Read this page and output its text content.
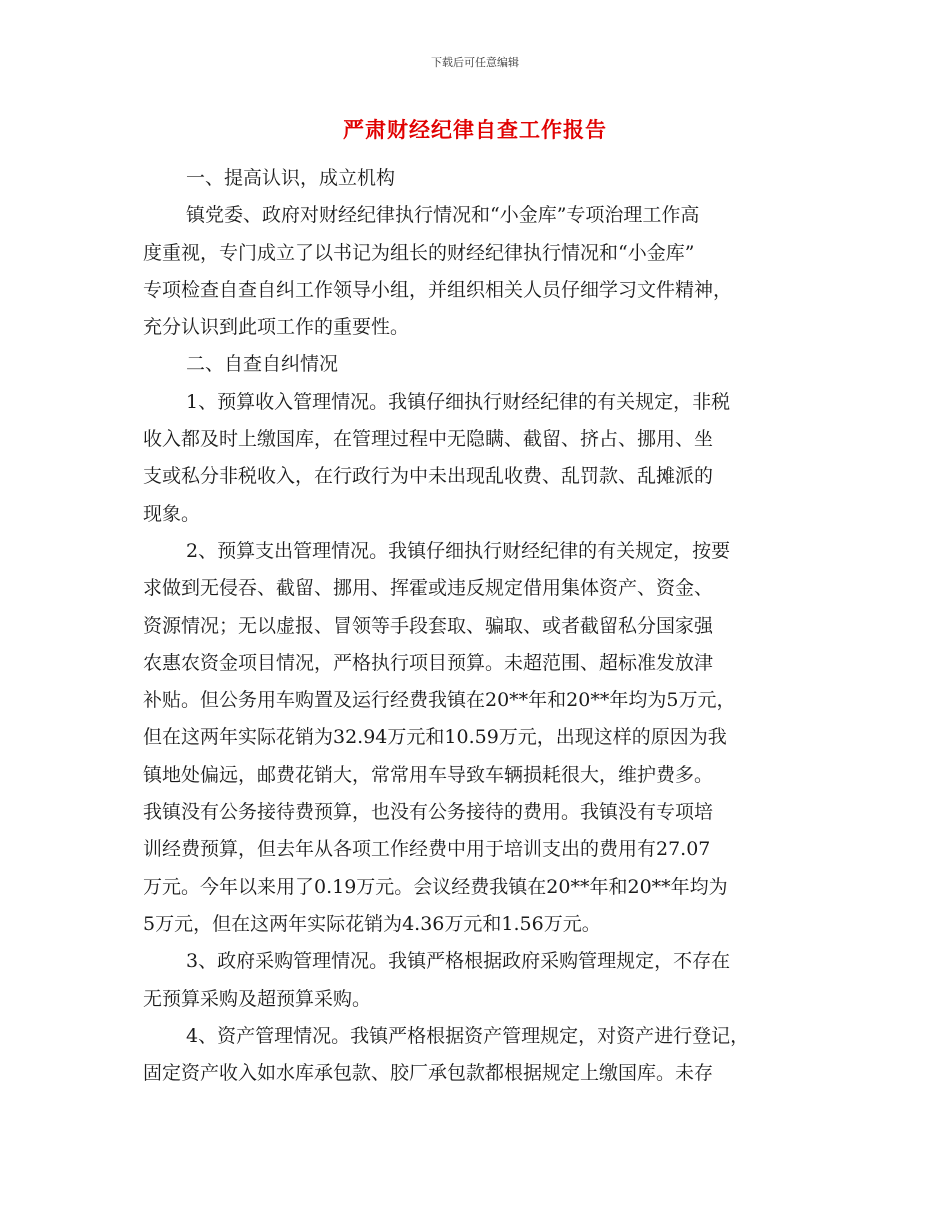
下载后可任意编辑
严肃财经纪律自查工作报告
一、提高认识，成立机构
镇党委、政府对财经纪律执行情况和“小金库”专项治理工作高
度重视，专门成立了以书记为组长的财经纪律执行情况和“小金库”
专项检查自查自纠工作领导小组，并组织相关人员仔细学习文件精神，
充分认识到此项工作的重要性。
二、自查自纠情况
1、预算收入管理情况。我镇仔细执行财经纪律的有关规定，非税
收入都及时上缴国库，在管理过程中无隐瞒、截留、挤占、挪用、坐
支或私分非税收入，在行政行为中未出现乱收费、乱罚款、乱摊派的
现象。
2、预算支出管理情况。我镇仔细执行财经纪律的有关规定，按要
求做到无侵吞、截留、挪用、挥霍或违反规定借用集体资产、资金、
资源情况；无以虚报、冒领等手段套取、骗取、或者截留私分国家强
农惠农资金项目情况，严格执行项目预算。未超范围、超标准发放津
补贴。但公务用车购置及运行经费我镇在20**年和20**年均为5万元，
但在这两年实际花销为32.94万元和10.59万元，出现这样的原因为我
镇地处偏远，邮费花销大，常常用车导致车辆损耗很大，维护费多。
我镇没有公务接待费预算，也没有公务接待的费用。我镇没有专项培
训经费预算，但去年从各项工作经费中用于培训支出的费用有27.07
万元。今年以来用了0.19万元。会议经费我镇在20**年和20**年均为
5万元，但在这两年实际花销为4.36万元和1.56万元。
3、政府采购管理情况。我镇严格根据政府采购管理规定，不存在
无预算采购及超预算采购。
4、资产管理情况。我镇严格根据资产管理规定，对资产进行登记，
固定资产收入如水库承包款、胶厂承包款都根据规定上缴国库。未存
